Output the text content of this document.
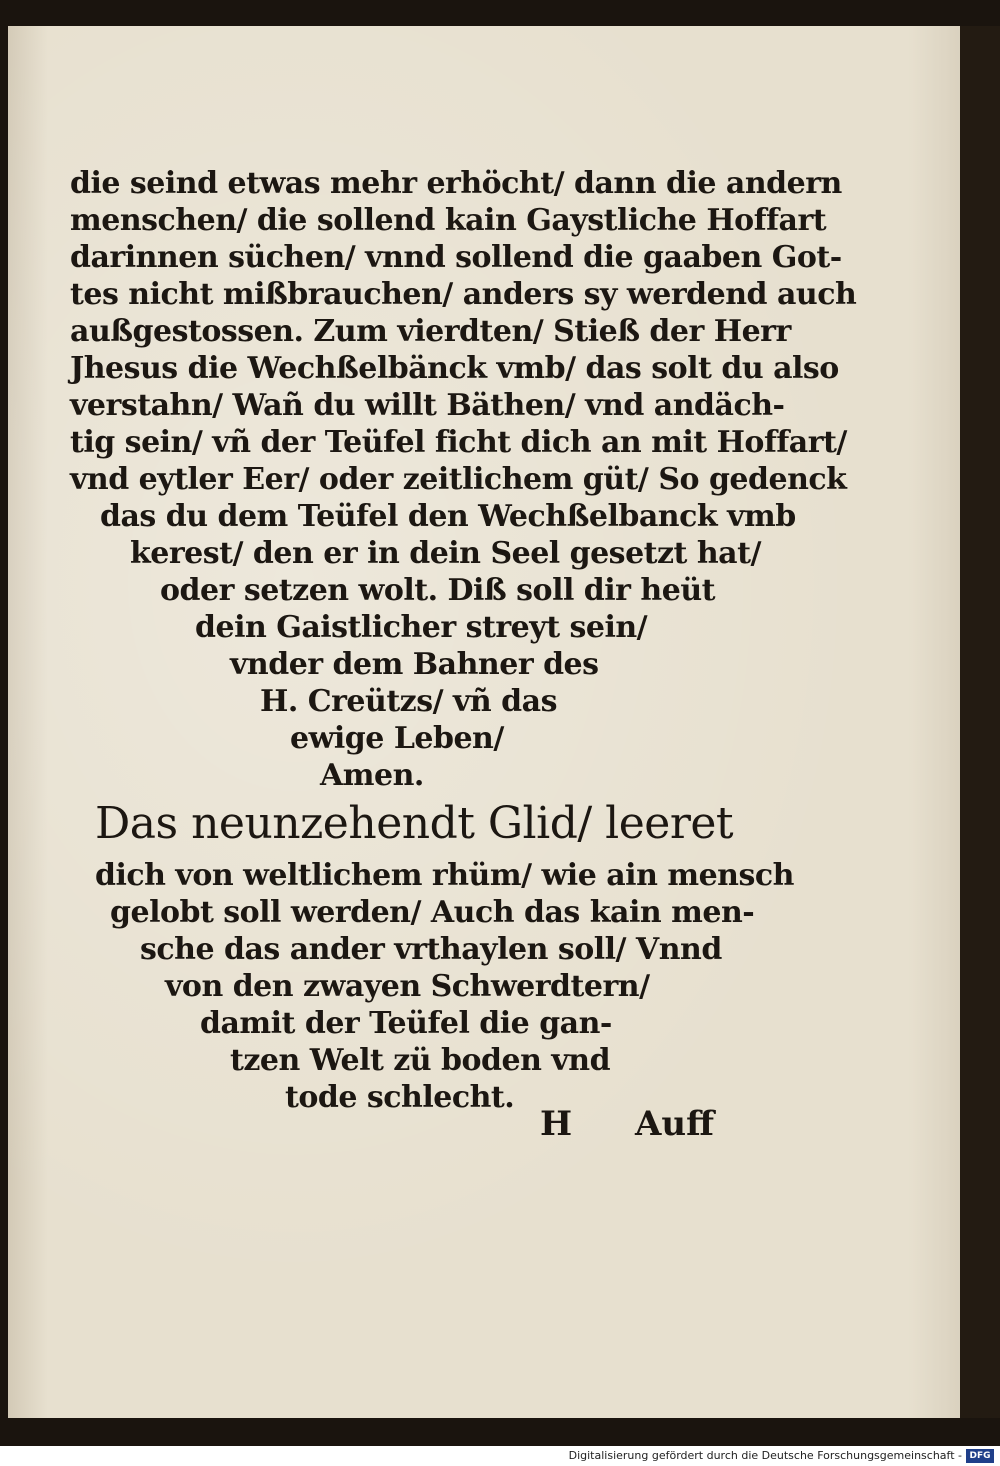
die seind etwas mehr erhöcht/ dann die andern
menschen/ die sollend kain Gaystliche Hoffart
darinnen süchen/ vnnd sollend die gaaben Got-
tes nicht mißbrauchen/ anders sy werdend auch
außgestossen. Zum vierdten/ Stieß der Herr
Jhesus die Wechßelbänck vmb/ das solt du also
verstahn/ Wañ du willt Bäthen/ vnd andäch-
tig sein/ vñ der Teüfel ficht dich an mit Hoffart/
vnd eytler Eer/ oder zeitlichem güt/ So gedenck
das du dem Teüfel den Wechßelbanck vmb
kerest/ den er in dein Seel gesetzt hat/
oder setzen wolt. Diß soll dir heüt
dein Gaistlicher streyt sein/
vnder dem Bahner des
H. Creützs/ vñ das
ewige Leben/
Amen.
Das neunzehendt Glid/ leeret
dich von weltlichem rhüm/ wie ain mensch
gelobt soll werden/ Auch das kain men-
sche das ander vrthaylen soll/ Vnnd
von den zwayen Schwerdtern/
damit der Teüfel die gan-
tzen Welt zü boden vnd
tode schlecht.
H Auff
Digitalisierung gefördert durch die Deutsche Forschungsgemeinschaft - DFG
